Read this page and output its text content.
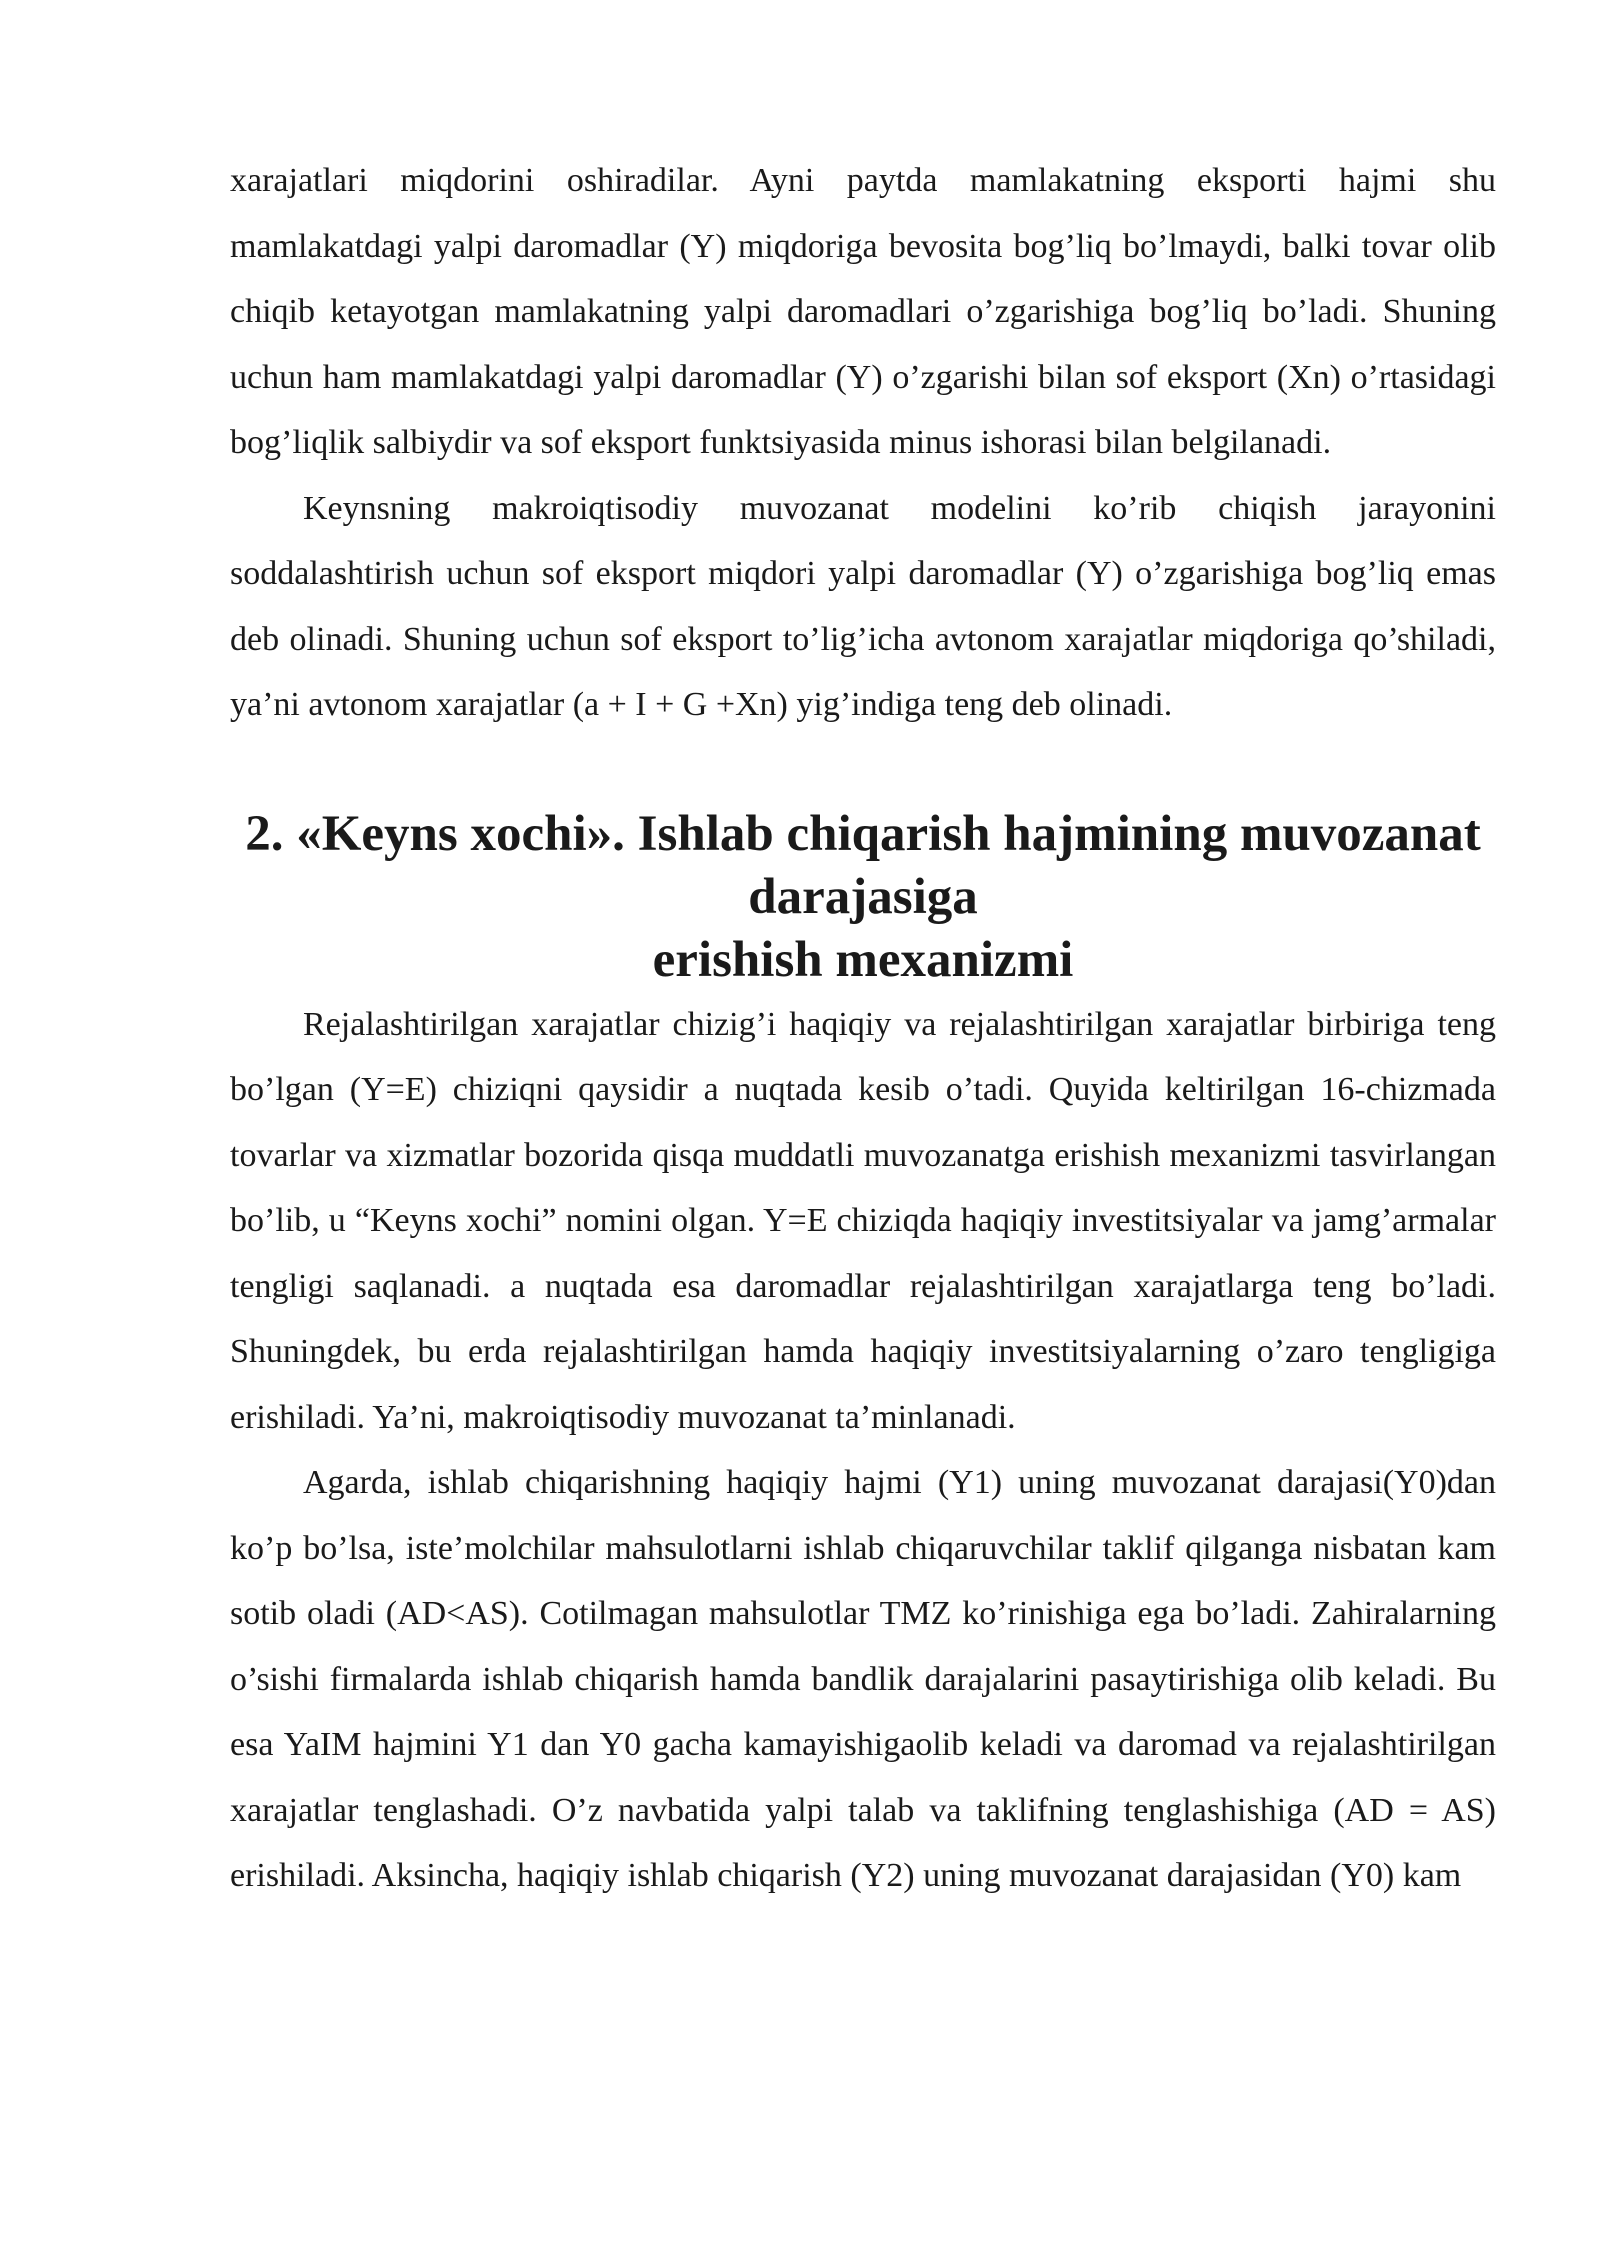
xarajatlari miqdorini oshiradilar. Ayni paytda mamlakatning eksporti hajmi shu mamlakatdagi yalpi daromadlar (Y) miqdoriga bevosita bog’liq bo’lmaydi, balki tovar olib chiqib ketayotgan mamlakatning yalpi daromadlari o’zgarishiga bog’liq bo’ladi. Shuning uchun ham mamlakatdagi yalpi daromadlar (Y) o’zgarishi bilan sof eksport (Xn) o’rtasidagi bog’liqlik salbiydir va sof eksport funktsiyasida minus ishorasi bilan belgilanadi.

Keynsning makroiqtisodiy muvozanat modelini ko’rib chiqish jarayonini soddalashtirish uchun sof eksport miqdori yalpi daromadlar (Y) o’zgarishiga bog’liq emas deb olinadi. Shuning uchun sof eksport to’lig’icha avtonom xarajatlar miqdoriga qo’shiladi, ya’ni avtonom xarajatlar (a + I + G +Xn) yig’indiga teng deb olinadi.

2. «Keyns xochi». Ishlab chiqarish hajmining muvozanat darajasiga
erishish mexanizmi

Rejalashtirilgan xarajatlar chizig’i haqiqiy va rejalashtirilgan xarajatlar birbiriga teng bo’lgan (Y=E) chiziqni qaysidir a nuqtada kesib o’tadi. Quyida keltirilgan 16-chizmada tovarlar va xizmatlar bozorida qisqa muddatli muvozanatga erishish mexanizmi tasvirlangan bo’lib, u “Keyns xochi” nomini olgan. Y=E chiziqda haqiqiy investitsiyalar va jamg’armalar tengligi saqlanadi. a nuqtada esa daromadlar rejalashtirilgan xarajatlarga teng bo’ladi. Shuningdek, bu erda rejalashtirilgan hamda haqiqiy investitsiyalarning o’zaro tengligiga erishiladi. Ya’ni, makroiqtisodiy muvozanat ta’minlanadi.

Agarda, ishlab chiqarishning haqiqiy hajmi (Y1) uning muvozanat darajasi(Y0)dan ko’p bo’lsa, iste’molchilar mahsulotlarni ishlab chiqaruvchilar taklif qilganga nisbatan kam sotib oladi (AD<AS). Cotilmagan mahsulotlar TMZ ko’rinishiga ega bo’ladi. Zahiralarning o’sishi firmalarda ishlab chiqarish hamda bandlik darajalarini pasaytirishiga olib keladi. Bu esa YaIM hajmini Y1 dan Y0 gacha kamayishigaolib keladi va daromad va rejalashtirilgan xarajatlar tenglashadi. O’z navbatida yalpi talab va taklifning tenglashishiga (AD = AS) erishiladi. Aksincha, haqiqiy ishlab chiqarish (Y2) uning muvozanat darajasidan (Y0) kam
